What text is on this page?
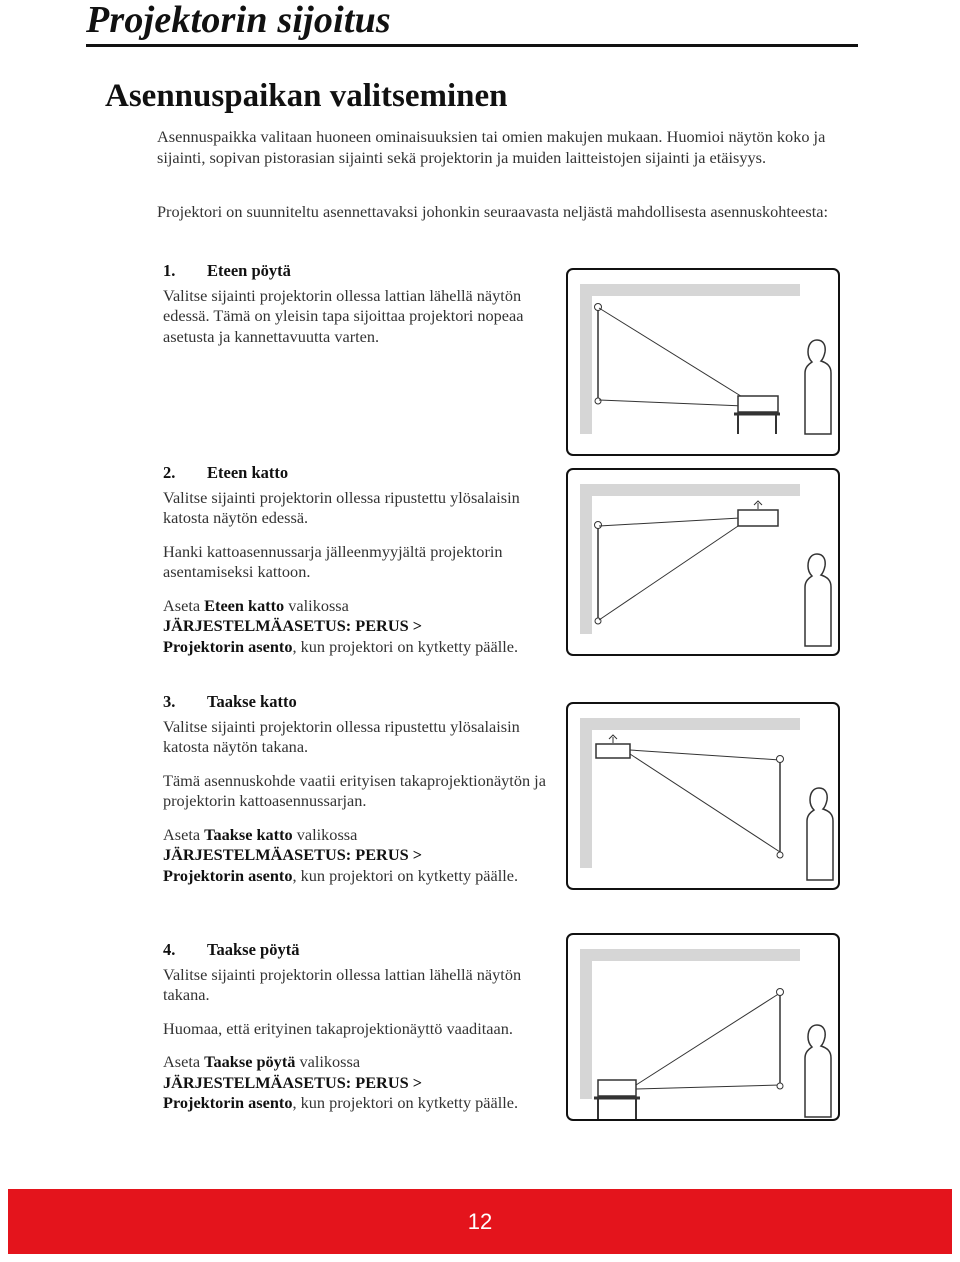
Projektorin sijoitus
Asennuspaikan valitseminen

Asennuspaikka valitaan huoneen ominaisuuksien tai omien makujen mukaan. Huomioi näytön koko ja sijainti, sopivan pistorasian sijainti sekä projektorin ja muiden laitteistojen sijainti ja etäisyys.

Projektori on suunniteltu asennettavaksi johonkin seuraavasta neljästä mahdollisesta asennuskohteesta:

1. Eteen pöytä

Valitse sijainti projektorin ollessa lattian lähellä näytön edessä. Tämä on yleisin tapa sijoittaa projektori nopeaa asetusta ja kannettavuutta varten.

2. Eteen katto

Valitse sijainti projektorin ollessa ripustettu ylösalaisin katosta näytön edessä.

Hanki kattoasennussarja jälleenmyyjältä projektorin asentamiseksi kattoon.

Aseta Eteen katto valikossa
JÄRJESTELMÄASETUS: PERUS >
Projektorin asento, kun projektori on kytketty päälle.

3. Taakse katto

Valitse sijainti projektorin ollessa ripustettu ylösalaisin katosta näytön takana.

Tämä asennuskohde vaatii erityisen takaprojektionäytön ja projektorin kattoasennussarjan.

Aseta Taakse katto valikossa
JÄRJESTELMÄASETUS: PERUS >
Projektorin asento, kun projektori on kytketty päälle.

4. Taakse pöytä

Valitse sijainti projektorin ollessa lattian lähellä näytön takana.

Huomaa, että erityinen takaprojektionäyttö vaaditaan.

Aseta Taakse pöytä valikossa
JÄRJESTELMÄASETUS: PERUS >
Projektorin asento, kun projektori on kytketty päälle.

12
